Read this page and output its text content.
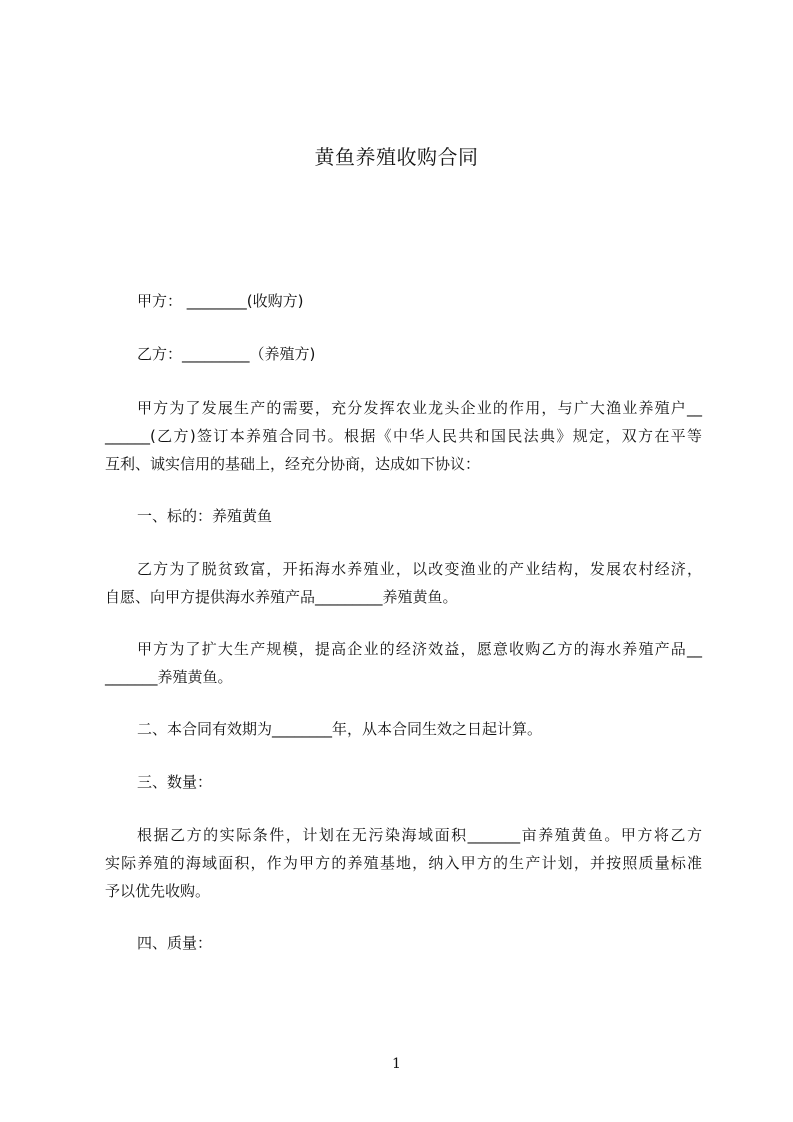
黄鱼养殖收购合同
甲方： ________(收购方)
乙方：_________（养殖方)
甲方为了发展生产的需要，充分发挥农业龙头企业的作用，与广大渔业养殖户__
______(乙方)签订本养殖合同书。根据《中华人民共和国民法典》规定，双方在平等
互利、诚实信用的基础上，经充分协商，达成如下协议：
一、标的：养殖黄鱼
乙方为了脱贫致富，开拓海水养殖业，以改变渔业的产业结构，发展农村经济，
自愿、向甲方提供海水养殖产品_________养殖黄鱼。
甲方为了扩大生产规模，提高企业的经济效益，愿意收购乙方的海水养殖产品__
_______养殖黄鱼。
二、本合同有效期为________年，从本合同生效之日起计算。
三、数量：
根据乙方的实际条件，计划在无污染海域面积_______亩养殖黄鱼。甲方将乙方
实际养殖的海域面积，作为甲方的养殖基地，纳入甲方的生产计划，并按照质量标准
予以优先收购。
四、质量：
1
